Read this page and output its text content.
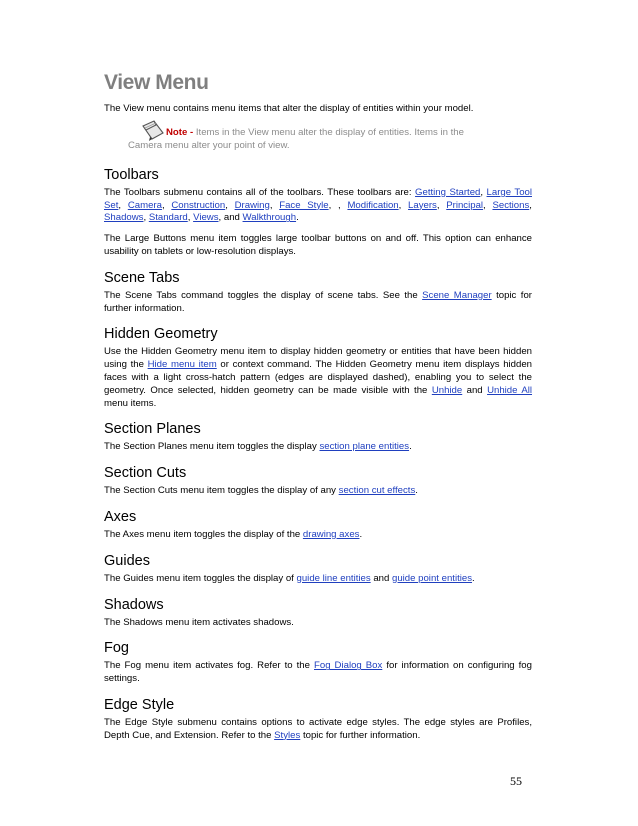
View Menu

The View menu contains menu items that alter the display of entities within your model.

Note - Items in the View menu alter the display of entities. Items in the
Camera menu alter your point of view.
Toolbars

The Toolbars submenu contains all of the toolbars. These toolbars are: Getting Started, Large Tool Set, Camera, Construction, Drawing, Face Style, , Modification, Layers, Principal, Sections, Shadows, Standard, Views, and Walkthrough.

The Large Buttons menu item toggles large toolbar buttons on and off. This option can enhance usability on tablets or low-resolution displays.

Scene Tabs

The Scene Tabs command toggles the display of scene tabs. See the Scene Manager topic for further information.

Hidden Geometry

Use the Hidden Geometry menu item to display hidden geometry or entities that have been hidden using the Hide menu item or context command. The Hidden Geometry menu item displays hidden faces with a light cross-hatch pattern (edges are displayed dashed), enabling you to select the geometry. Once selected, hidden geometry can be made visible with the Unhide and Unhide All menu items.

Section Planes

The Section Planes menu item toggles the display section plane entities.

Section Cuts

The Section Cuts menu item toggles the display of any section cut effects.

Axes

The Axes menu item toggles the display of the drawing axes.

Guides

The Guides menu item toggles the display of guide line entities and guide point entities.

Shadows

The Shadows menu item activates shadows.

Fog

The Fog menu item activates fog. Refer to the Fog Dialog Box for information on configuring fog settings.

Edge Style

The Edge Style submenu contains options to activate edge styles. The edge styles are Profiles, Depth Cue, and Extension. Refer to the Styles topic for further information.

55
